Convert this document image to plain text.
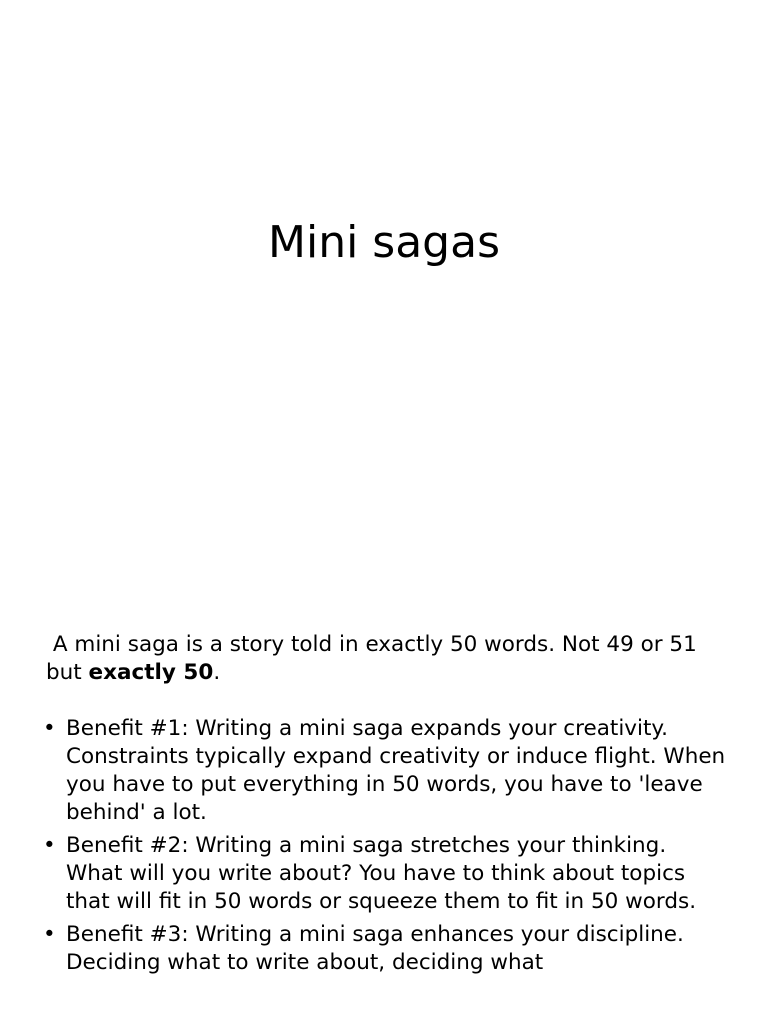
Mini sagas

A mini saga is a story told in exactly 50 words. Not 49 or 51 but exactly 50.

• Benefit #1: Writing a mini saga expands your creativity. Constraints typically expand creativity or induce flight. When you have to put everything in 50 words, you have to 'leave behind' a lot.
• Benefit #2: Writing a mini saga stretches your thinking. What will you write about? You have to think about topics that will fit in 50 words or squeeze them to fit in 50 words.
• Benefit #3: Writing a mini saga enhances your discipline. Deciding what to write about, deciding what
